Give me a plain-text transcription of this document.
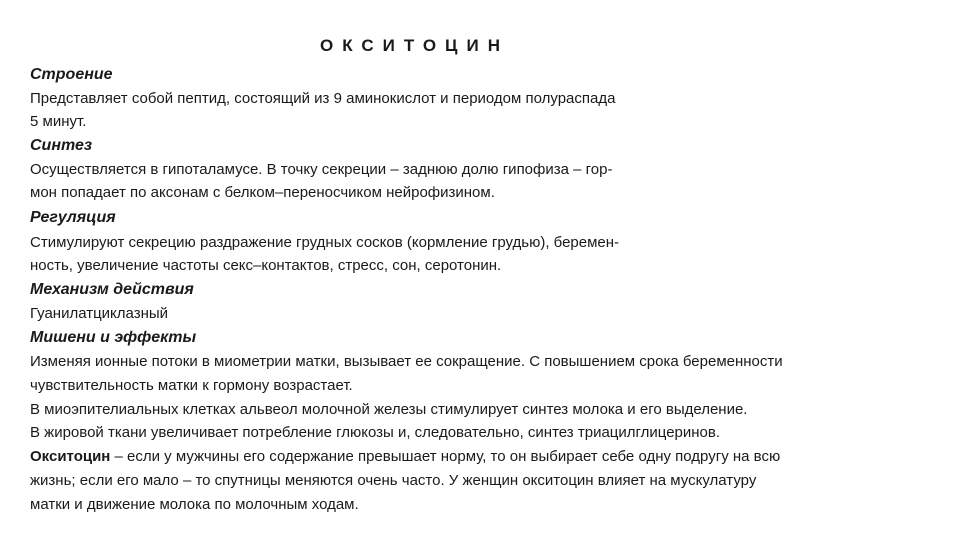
ОКСИТОЦИН
Строение
Представляет собой пептид, состоящий из 9 аминокислот и периодом полураспада
5 минут.
Синтез
Осуществляется в гипоталамусе. В точку секреции – заднюю долю гипофиза – гор-
мон попадает по аксонам с белком–переносчиком нейрофизином.
Регуляция
Стимулируют секрецию раздражение грудных сосков (кормление грудью), беремен-
ность, увеличение частоты секс–контактов, стресс, сон, серотонин.
Механизм действия
Гуанилатциклазный
Мишени и эффекты
Изменяя ионные потоки в миометрии матки, вызывает ее сокращение. С повышением срока беременности
чувствительность матки к гормону возрастает.
В миоэпителиальных клетках альвеол молочной железы стимулирует синтез молока и его выделение.
В жировой ткани увеличивает потребление глюкозы и, следовательно, синтез триацилглицеринов.
Окситоцин – если у мужчины его содержание превышает норму, то он выбирает себе одну подругу на всю
жизнь; если его мало – то спутницы меняются очень часто. У женщин окситоцин влияет на мускулатуру
матки и движение молока по молочным ходам.
